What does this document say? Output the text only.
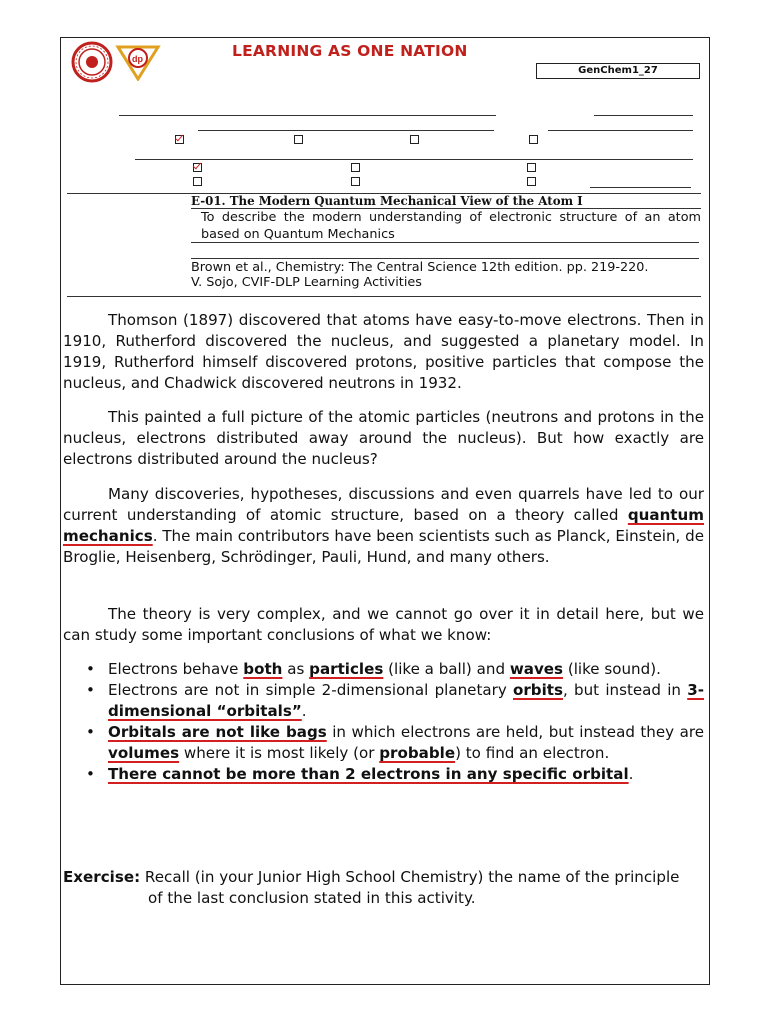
dp	LEARNING AS ONE NATION
GenChem1_27
E-01. The Modern Quantum Mechanical View of the Atom I
To describe the modern understanding of electronic structure of an atom based on Quantum Mechanics
Brown et al., Chemistry: The Central Science 12th edition. pp. 219-220.
V. Sojo, CVIF-DLP Learning Activities
Thomson (1897) discovered that atoms have easy-to-move electrons. Then in 1910, Rutherford discovered the nucleus, and suggested a planetary model. In 1919, Rutherford himself discovered protons, positive particles that compose the nucleus, and Chadwick discovered neutrons in 1932.
This painted a full picture of the atomic particles (neutrons and protons in the nucleus, electrons distributed away around the nucleus). But how exactly are electrons distributed around the nucleus?
Many discoveries, hypotheses, discussions and even quarrels have led to our current understanding of atomic structure, based on a theory called quantum mechanics. The main contributors have been scientists such as Planck, Einstein, de Broglie, Heisenberg, Schrödinger, Pauli, Hund, and many others.
The theory is very complex, and we cannot go over it in detail here, but we can study some important conclusions of what we know:
• Electrons behave both as particles (like a ball) and waves (like sound).
• Electrons are not in simple 2-dimensional planetary orbits, but instead in 3-dimensional “orbitals”.
• Orbitals are not like bags in which electrons are held, but instead they are volumes where it is most likely (or probable) to find an electron.
• There cannot be more than 2 electrons in any specific orbital.
Exercise: Recall (in your Junior High School Chemistry) the name of the principle
of the last conclusion stated in this activity.
